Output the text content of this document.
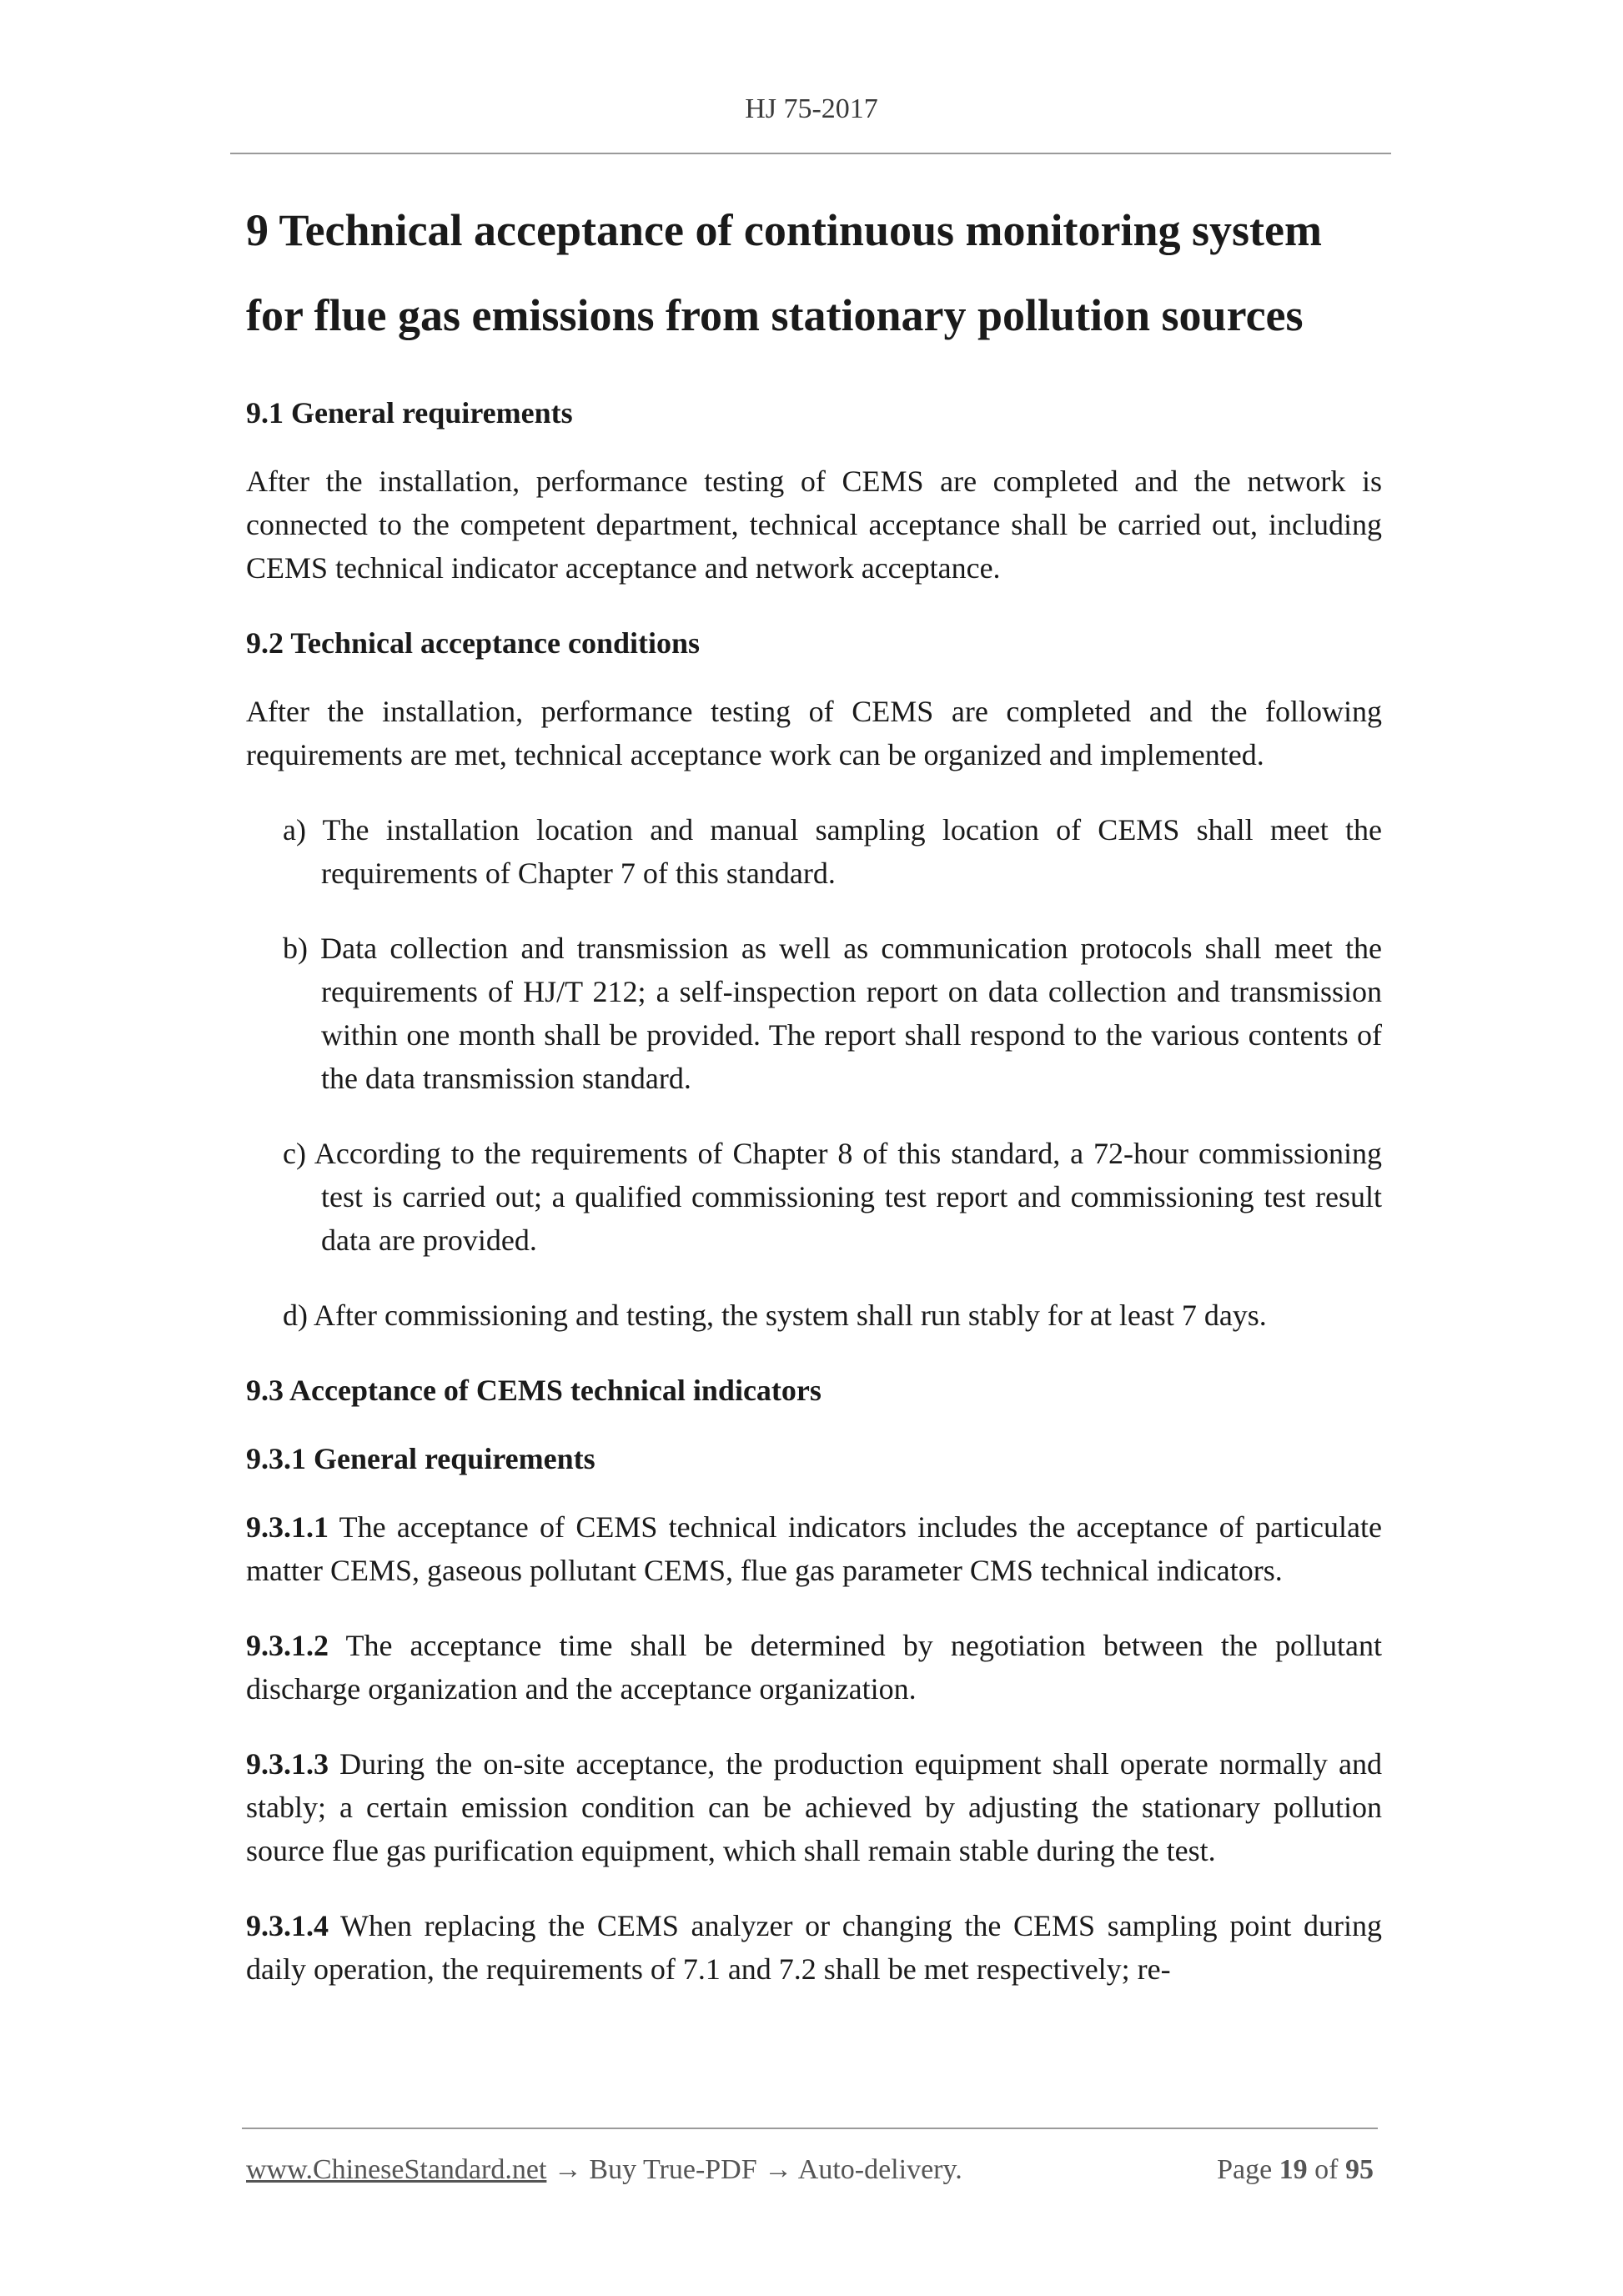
HJ 75-2017
9 Technical acceptance of continuous monitoring system for flue gas emissions from stationary pollution sources
9.1 General requirements

After the installation, performance testing of CEMS are completed and the network is connected to the competent department, technical acceptance shall be carried out, including CEMS technical indicator acceptance and network acceptance.

9.2 Technical acceptance conditions

After the installation, performance testing of CEMS are completed and the following requirements are met, technical acceptance work can be organized and implemented.

a) The installation location and manual sampling location of CEMS shall meet the requirements of Chapter 7 of this standard.

b) Data collection and transmission as well as communication protocols shall meet the requirements of HJ/T 212; a self-inspection report on data collection and transmission within one month shall be provided. The report shall respond to the various contents of the data transmission standard.

c) According to the requirements of Chapter 8 of this standard, a 72-hour commissioning test is carried out; a qualified commissioning test report and commissioning test result data are provided.

d) After commissioning and testing, the system shall run stably for at least 7 days.

9.3 Acceptance of CEMS technical indicators
9.3.1 General requirements

9.3.1.1 The acceptance of CEMS technical indicators includes the acceptance of particulate matter CEMS, gaseous pollutant CEMS, flue gas parameter CMS technical indicators.

9.3.1.2 The acceptance time shall be determined by negotiation between the pollutant discharge organization and the acceptance organization.

9.3.1.3 During the on-site acceptance, the production equipment shall operate normally and stably; a certain emission condition can be achieved by adjusting the stationary pollution source flue gas purification equipment, which shall remain stable during the test.

9.3.1.4 When replacing the CEMS analyzer or changing the CEMS sampling point during daily operation, the requirements of 7.1 and 7.2 shall be met respectively; re-

www.ChineseStandard.net → Buy True-PDF → Auto-delivery.	Page 19 of 95
